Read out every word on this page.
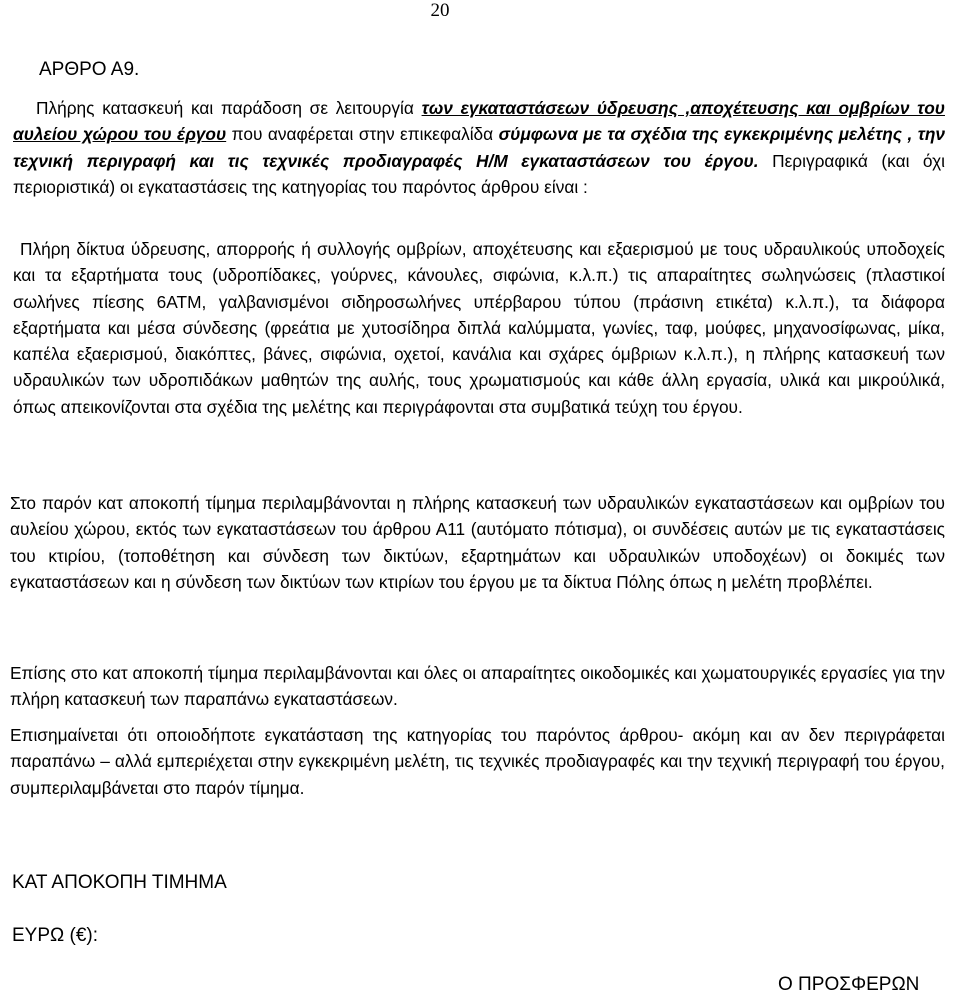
20
ΑΡΘΡΟ Α9.

Πλήρης κατασκευή και παράδοση σε λειτουργία των εγκαταστάσεων ύδρευσης ,αποχέτευσης και ομβρίων του αυλείου χώρου του έργου που αναφέρεται στην επικεφαλίδα σύμφωνα με τα σχέδια της εγκεκριμένης μελέτης , την τεχνική περιγραφή και τις τεχνικές προδιαγραφές Η/Μ εγκαταστάσεων του έργου. Περιγραφικά (και όχι περιοριστικά) οι εγκαταστάσεις της κατηγορίας του παρόντος άρθρου είναι :

Πλήρη δίκτυα ύδρευσης, απορροής ή συλλογής ομβρίων, αποχέτευσης και εξαερισμού με τους υδραυλικούς υποδοχείς και τα εξαρτήματα τους (υδροπίδακες, γούρνες, κάνουλες, σιφώνια, κ.λ.π.) τις απαραίτητες σωληνώσεις (πλαστικοί σωλήνες πίεσης 6ΑΤΜ, γαλβανισμένοι σιδηροσωλήνες υπέρβαρου τύπου (πράσινη ετικέτα) κ.λ.π.), τα διάφορα εξαρτήματα και μέσα σύνδεσης (φρεάτια με χυτοσίδηρα διπλά καλύμματα, γωνίες, ταφ, μούφες, μηχανοσίφωνας, μίκα, καπέλα εξαερισμού, διακόπτες, βάνες, σιφώνια, οχετοί, κανάλια και σχάρες όμβριων κ.λ.π.), η πλήρης κατασκευή των υδραυλικών των υδροπιδάκων μαθητών της αυλής, τους χρωματισμούς και κάθε άλλη εργασία, υλικά και μικρούλικά, όπως απεικονίζονται στα σχέδια της μελέτης και περιγράφονται στα συμβατικά τεύχη του έργου.

Στο παρόν κατ αποκοπή τίμημα περιλαμβάνονται η πλήρης κατασκευή των υδραυλικών εγκαταστάσεων και ομβρίων του αυλείου χώρου, εκτός των εγκαταστάσεων του άρθρου Α11 (αυτόματο πότισμα), οι συνδέσεις αυτών με τις εγκαταστάσεις του κτιρίου, (τοποθέτηση και σύνδεση των δικτύων, εξαρτημάτων και υδραυλικών υποδοχέων) οι δοκιμές των εγκαταστάσεων και η σύνδεση των δικτύων των κτιρίων του έργου με τα δίκτυα Πόλης όπως η μελέτη προβλέπει.

Επίσης στο κατ αποκοπή τίμημα περιλαμβάνονται και όλες οι απαραίτητες οικοδομικές και χωματουργικές εργασίες για την πλήρη κατασκευή των παραπάνω εγκαταστάσεων.

Επισημαίνεται ότι οποιοδήποτε εγκατάσταση της κατηγορίας του παρόντος άρθρου- ακόμη και αν δεν περιγράφεται παραπάνω – αλλά εμπεριέχεται στην εγκεκριμένη μελέτη, τις τεχνικές προδιαγραφές και την τεχνική περιγραφή του έργου, συμπεριλαμβάνεται στο παρόν τίμημα.

ΚΑΤ ΑΠΟΚΟΠΗ ΤΙΜΗΜΑ
ΕΥΡΩ (€):
Ο ΠΡΟΣΦΕΡΩΝ
